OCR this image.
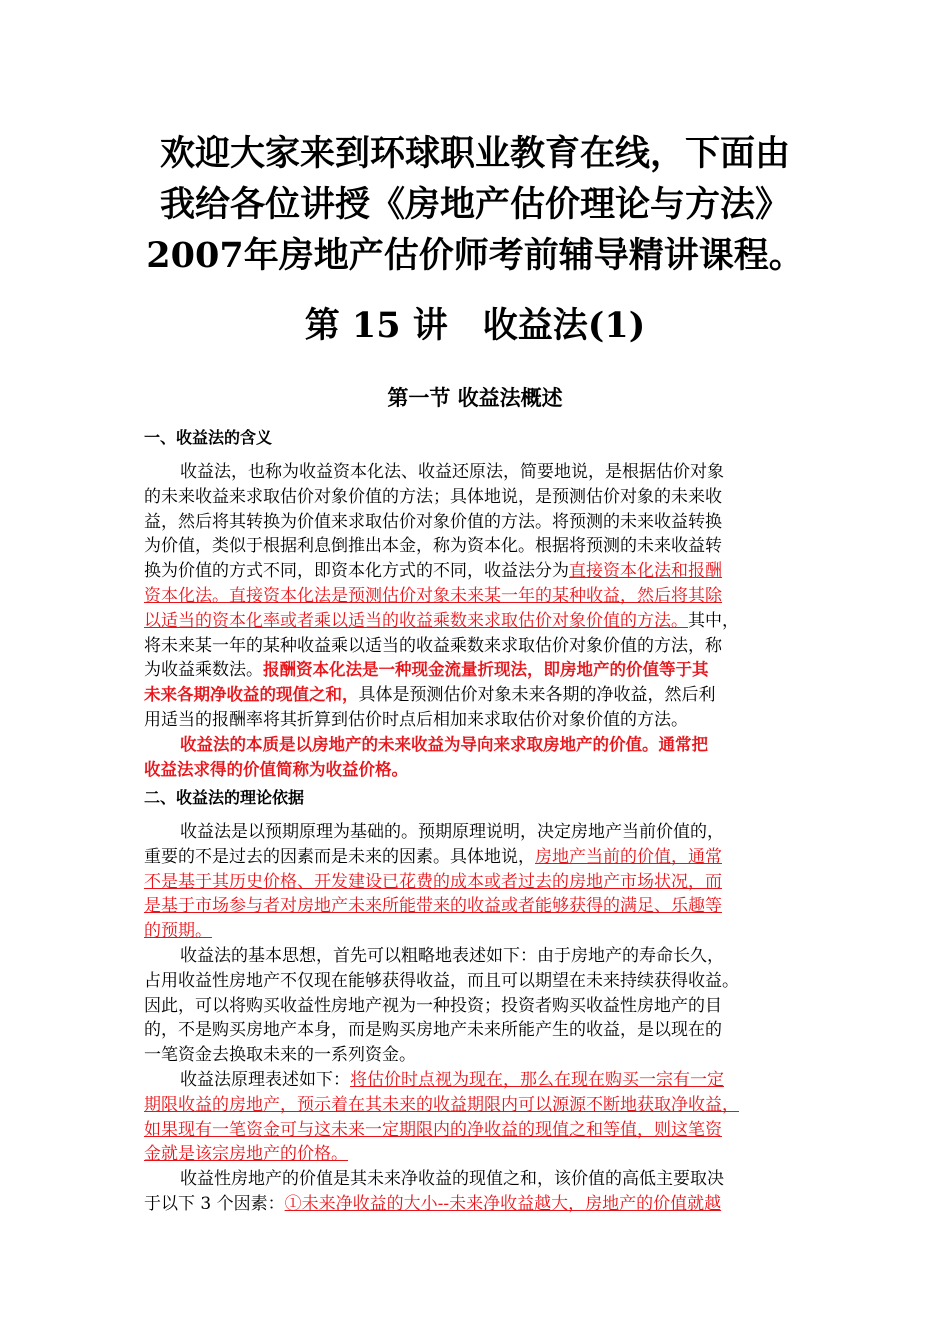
欢迎大家来到环球职业教育在线，下面由
我给各位讲授《房地产估价理论与方法》
2007年房地产估价师考前辅导精讲课程。
第 15 讲　收益法(1)
第一节 收益法概述
一、收益法的含义
收益法，也称为收益资本化法、收益还原法，简要地说，是根据估价对象
的未来收益来求取估价对象价值的方法；具体地说，是预测估价对象的未来收
益，然后将其转换为价值来求取估价对象价值的方法。将预测的未来收益转换
为价值，类似于根据利息倒推出本金，称为资本化。根据将预测的未来收益转
换为价值的方式不同，即资本化方式的不同，收益法分为直接资本化法和报酬
资本化法。直接资本化法是预测估价对象未来某一年的某种收益，然后将其除
以适当的资本化率或者乘以适当的收益乘数来求取估价对象价值的方法。其中，
将未来某一年的某种收益乘以适当的收益乘数来求取估价对象价值的方法，称
为收益乘数法。报酬资本化法是一种现金流量折现法，即房地产的价值等于其
未来各期净收益的现值之和，具体是预测估价对象未来各期的净收益，然后利
用适当的报酬率将其折算到估价时点后相加来求取估价对象价值的方法。
收益法的本质是以房地产的未来收益为导向来求取房地产的价值。通常把
收益法求得的价值简称为收益价格。
二、收益法的理论依据
收益法是以预期原理为基础的。预期原理说明，决定房地产当前价值的，
重要的不是过去的因素而是未来的因素。具体地说，房地产当前的价值，通常
不是基于其历史价格、开发建设已花费的成本或者过去的房地产市场状况，而
是基于市场参与者对房地产未来所能带来的收益或者能够获得的满足、乐趣等
的预期。
收益法的基本思想，首先可以粗略地表述如下：由于房地产的寿命长久，
占用收益性房地产不仅现在能够获得收益，而且可以期望在未来持续获得收益。
因此，可以将购买收益性房地产视为一种投资；投资者购买收益性房地产的目
的，不是购买房地产本身，而是购买房地产未来所能产生的收益，是以现在的
一笔资金去换取未来的一系列资金。
收益法原理表述如下：将估价时点视为现在，那么在现在购买一宗有一定
期限收益的房地产，预示着在其未来的收益期限内可以源源不断地获取净收益，
如果现有一笔资金可与这未来一定期限内的净收益的现值之和等值，则这笔资
金就是该宗房地产的价格。
收益性房地产的价值是其未来净收益的现值之和，该价值的高低主要取决
于以下 3 个因素：①未来净收益的大小--未来净收益越大，房地产的价值就越
